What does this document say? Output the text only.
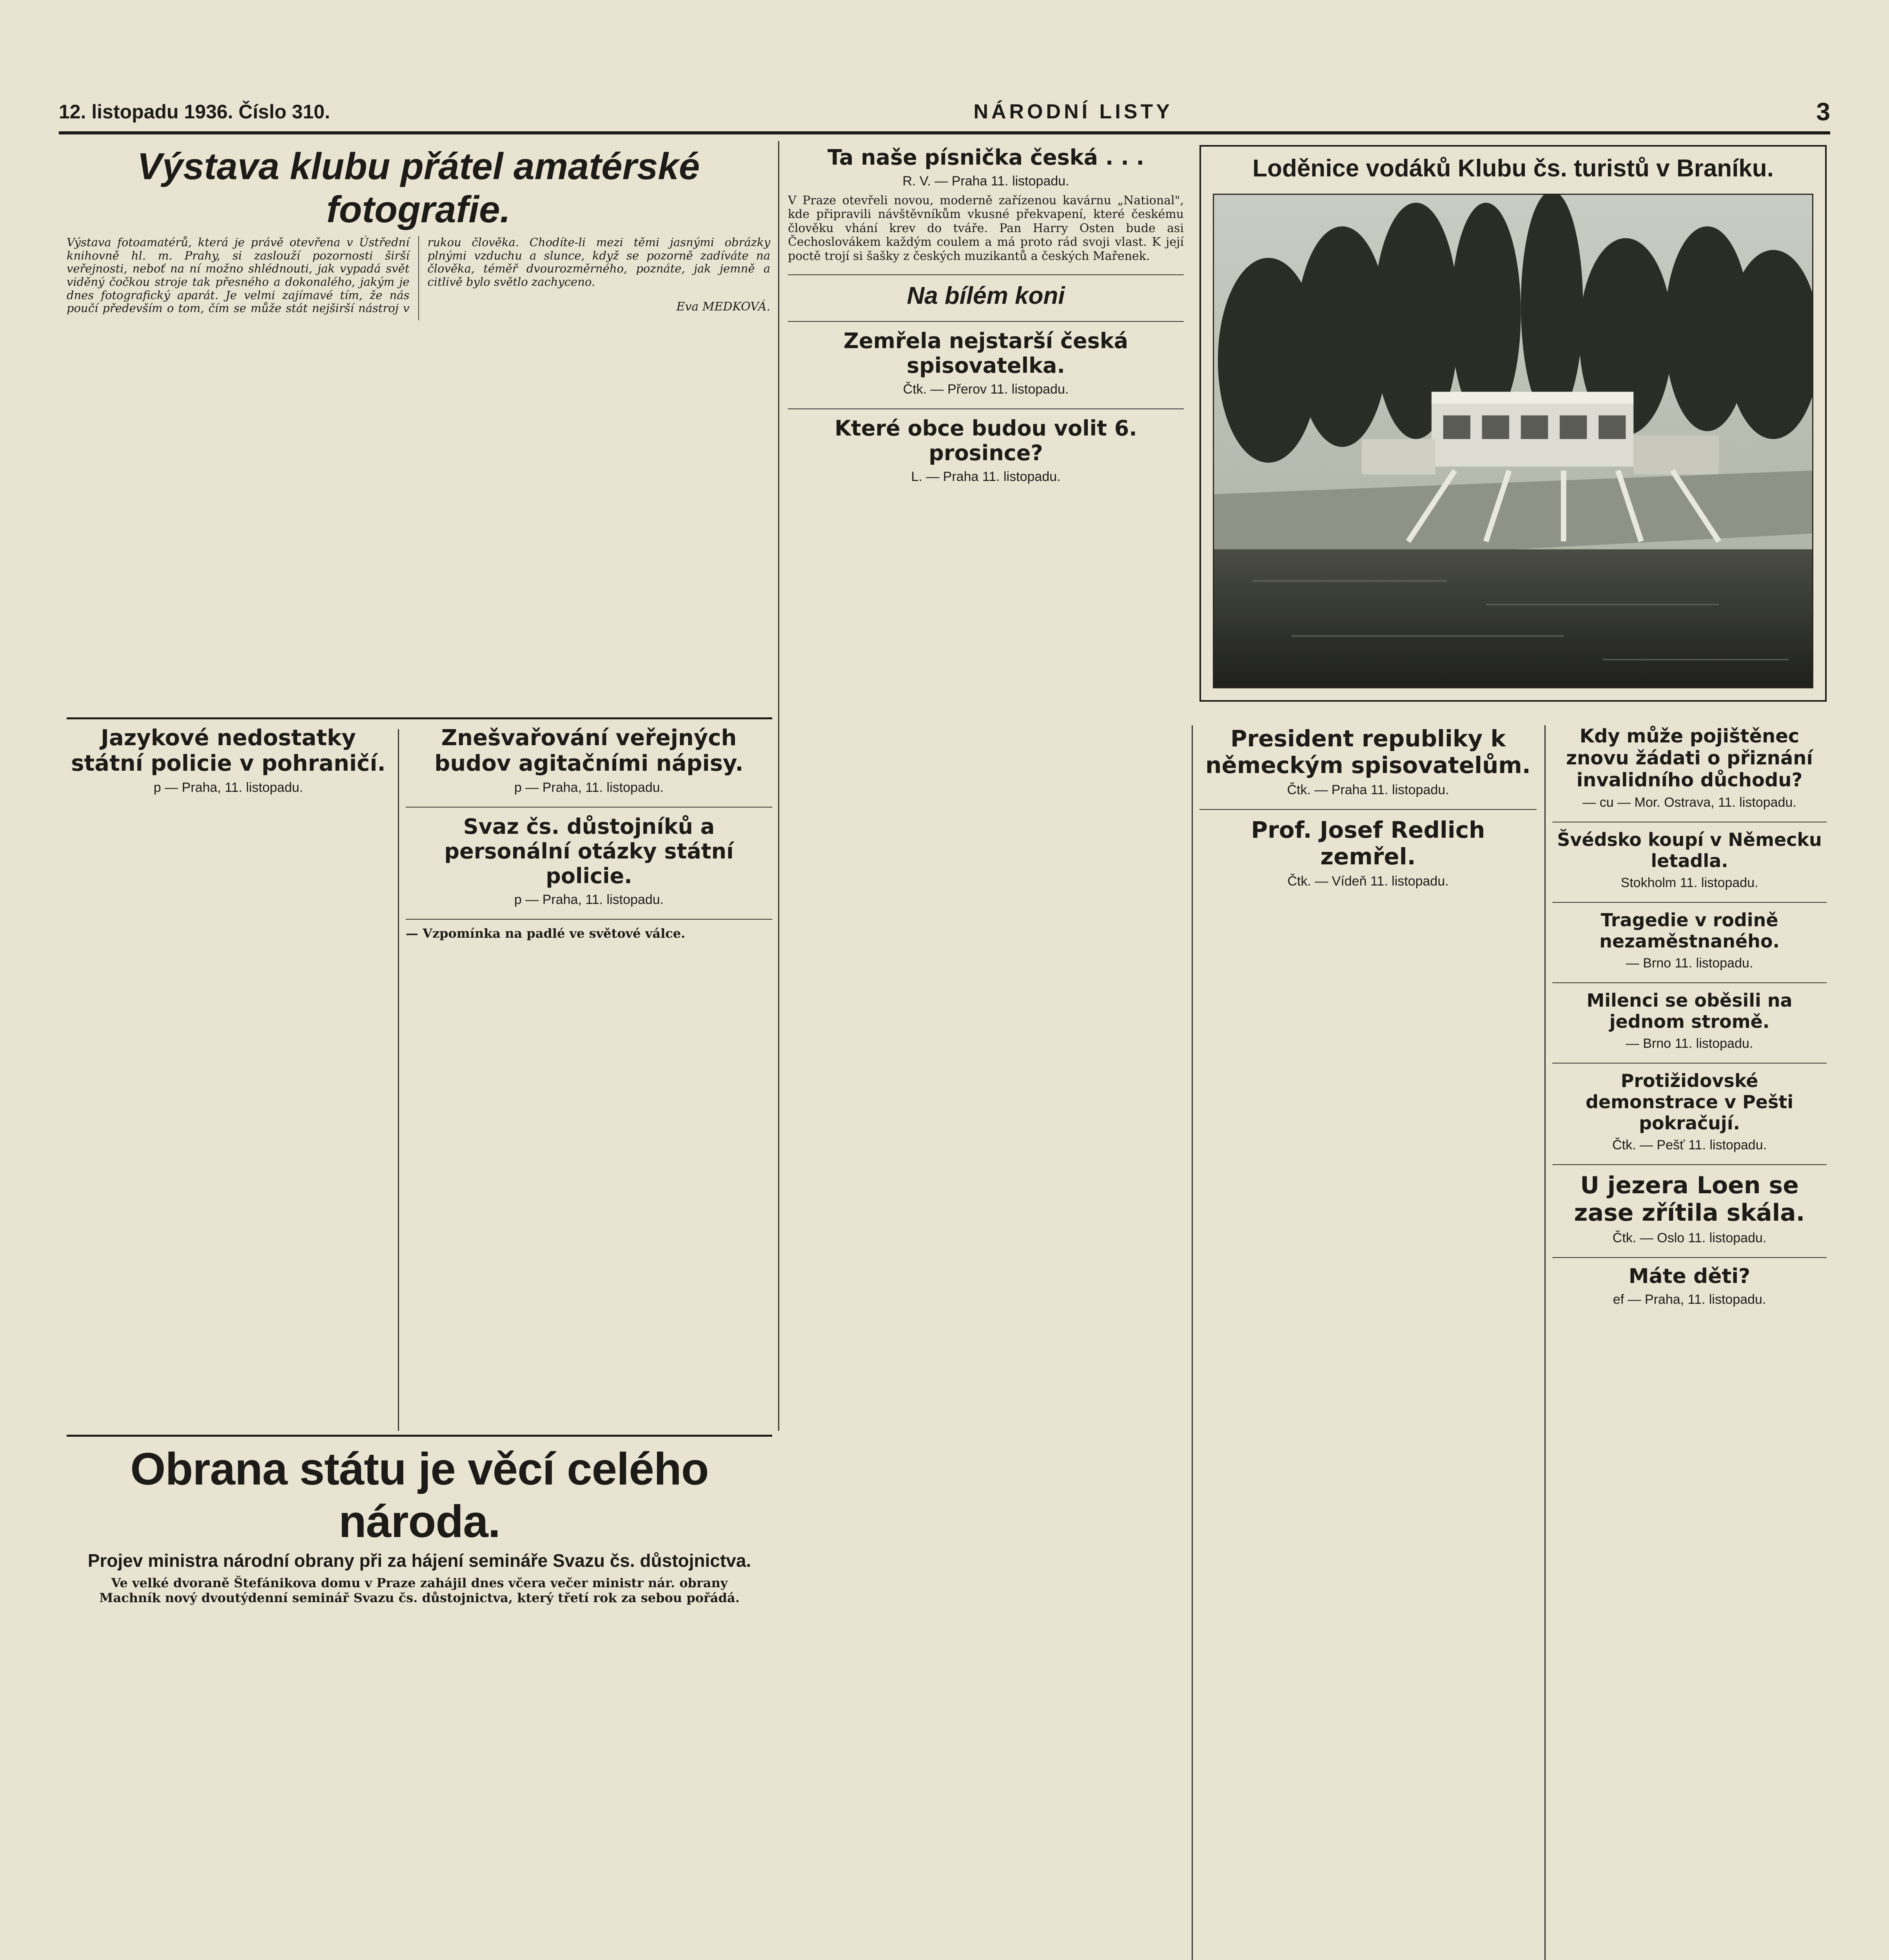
12. listopadu 1936. Číslo 310.	NÁRODNÍ LISTY	3
Výstava klubu přátel amatérské fotografie.

Výstava fotoamatérů, která je právě otevřena v Ústřední knihovně hl. m. Prahy, si zaslouží pozornosti širší veřejnosti, neboť na ní možno shlédnouti, jak vypadá svět viděný čočkou stroje tak přesného a dokonalého, jakým je dnes fotografický aparát. Je velmi zajímavé tím, že nás poučí především o tom, čím se může stát nejširší nástroj v rukou člověka. Chodíte-li mezi těmi jasnými obrázky plnými vzduchu a slunce, když se pozorně zadíváte na člověka, téměř dvourozměrného, poznáte, jak jemně a citlivě bylo světlo zachyceno.

Eva MEDKOVÁ.

Ta naše písnička česká . . .
R. V. — Praha 11. listopadu.

V Praze otevřeli novou, moderně zařízenou kavárnu „National", kde připravili návštěvníkům vkusné překvapení, které českému člověku vhání krev do tváře. Pan Harry Osten bude asi Čechoslovákem každým coulem a má proto rád svoji vlast. K její poctě trojí si šašky z českých muzikantů a českých Mařenek.

Na bílém koni

Zemřela nejstarší česká spisovatelka.
Čtk. — Přerov 11. listopadu.

Které obce budou volit 6. prosince?
L. — Praha 11. listopadu.

Loděnice vodáků Klubu čs. turistů v Braníku.
Jazykové nedostatky státní policie v pohraničí.
p — Praha, 11. listopadu.

Znešvařování veřejných budov agitačními nápisy.
p — Praha, 11. listopadu.

Svaz čs. důstojníků a personální otázky státní policie.
p — Praha, 11. listopadu.

— Vzpomínka na padlé ve světové válce.

Obrana státu je věcí celého národa.
Projev ministra národní obrany při za hájení semináře Svazu čs. důstojnictva.

Ve velké dvoraně Štefánikova domu v Praze zahájil dnes včera večer ministr nár. obrany Machník nový dvoutýdenní seminář Svazu čs. důstojnictva, který třetí rok za sebou pořádá.

President republiky k německým spisovatelům.
Čtk. — Praha 11. listopadu.

Prof. Josef Redlich zemřel.
Čtk. — Vídeň 11. listopadu.

Kdy může pojištěnec znovu žádati o přiznání invalidního důchodu?
— cu — Mor. Ostrava, 11. listopadu.

Švédsko koupí v Německu letadla.
Stokholm 11. listopadu.

Tragedie v rodině nezaměstnaného.
— Brno 11. listopadu.

Milenci se oběsili na jednom stromě.
— Brno 11. listopadu.

Protižidovské demonstrace v Pešti pokračují.
Čtk. — Pešť 11. listopadu.

U jezera Loen se zase zřítila skála.
Čtk. — Oslo 11. listopadu.

Máte děti?
ef — Praha, 11. listopadu.
